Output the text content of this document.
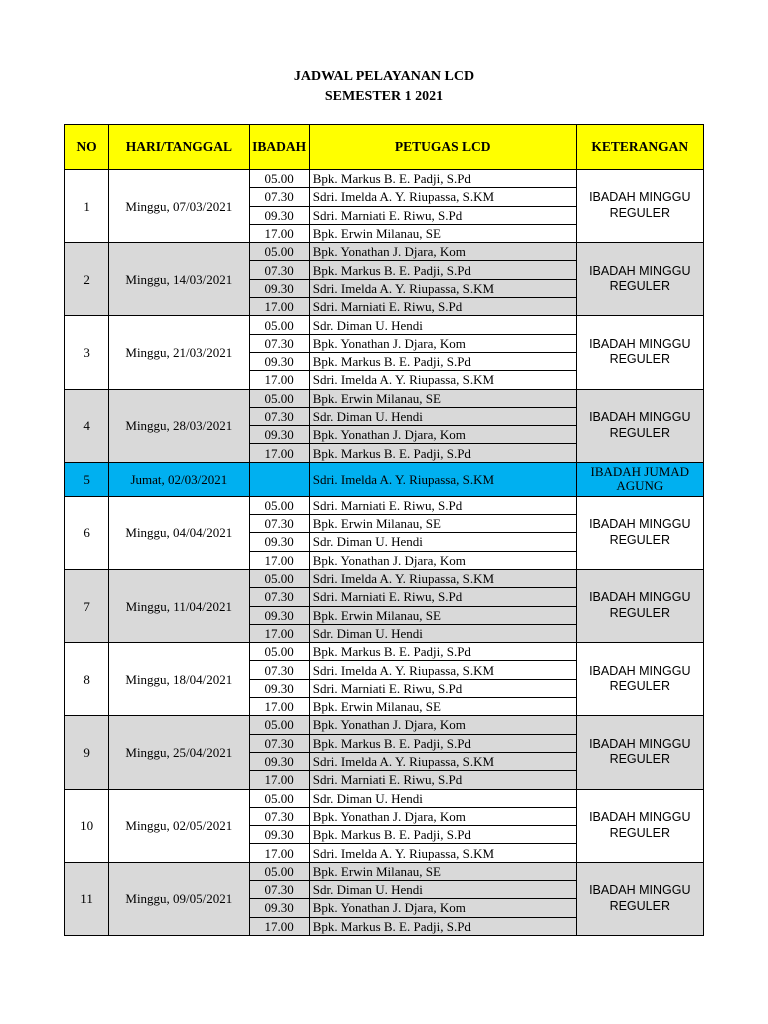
JADWAL PELAYANAN LCD
SEMESTER 1 2021
NO	HARI/TANGGAL	IBADAH	PETUGAS LCD	KETERANGAN
1	Minggu, 07/03/2021	05.00	Bpk. Markus B. E. Padji, S.Pd	IBADAH MINGGU REGULER
		07.30	Sdri. Imelda A. Y. Riupassa, S.KM	
		09.30	Sdri. Marniati E. Riwu, S.Pd	
		17.00	Bpk. Erwin Milanau, SE	
2	Minggu, 14/03/2021	05.00	Bpk. Yonathan J. Djara, Kom	IBADAH MINGGU REGULER
		07.30	Bpk. Markus B. E. Padji, S.Pd	
		09.30	Sdri. Imelda A. Y. Riupassa, S.KM	
		17.00	Sdri. Marniati E. Riwu, S.Pd	
3	Minggu, 21/03/2021	05.00	Sdr. Diman U. Hendi	IBADAH MINGGU REGULER
		07.30	Bpk. Yonathan J. Djara, Kom	
		09.30	Bpk. Markus B. E. Padji, S.Pd	
		17.00	Sdri. Imelda A. Y. Riupassa, S.KM	
4	Minggu, 28/03/2021	05.00	Bpk. Erwin Milanau, SE	IBADAH MINGGU REGULER
		07.30	Sdr. Diman U. Hendi	
		09.30	Bpk. Yonathan J. Djara, Kom	
		17.00	Bpk. Markus B. E. Padji, S.Pd	
5	Jumat, 02/03/2021		Sdri. Imelda A. Y. Riupassa, S.KM	IBADAH JUMAD AGUNG
6	Minggu, 04/04/2021	05.00	Sdri. Marniati E. Riwu, S.Pd	IBADAH MINGGU REGULER
		07.30	Bpk. Erwin Milanau, SE	
		09.30	Sdr. Diman U. Hendi	
		17.00	Bpk. Yonathan J. Djara, Kom	
7	Minggu, 11/04/2021	05.00	Sdri. Imelda A. Y. Riupassa, S.KM	IBADAH MINGGU REGULER
		07.30	Sdri. Marniati E. Riwu, S.Pd	
		09.30	Bpk. Erwin Milanau, SE	
		17.00	Sdr. Diman U. Hendi	
8	Minggu, 18/04/2021	05.00	Bpk. Markus B. E. Padji, S.Pd	IBADAH MINGGU REGULER
		07.30	Sdri. Imelda A. Y. Riupassa, S.KM	
		09.30	Sdri. Marniati E. Riwu, S.Pd	
		17.00	Bpk. Erwin Milanau, SE	
9	Minggu, 25/04/2021	05.00	Bpk. Yonathan J. Djara, Kom	IBADAH MINGGU REGULER
		07.30	Bpk. Markus B. E. Padji, S.Pd	
		09.30	Sdri. Imelda A. Y. Riupassa, S.KM	
		17.00	Sdri. Marniati E. Riwu, S.Pd	
10	Minggu, 02/05/2021	05.00	Sdr. Diman U. Hendi	IBADAH MINGGU REGULER
		07.30	Bpk. Yonathan J. Djara, Kom	
		09.30	Bpk. Markus B. E. Padji, S.Pd	
		17.00	Sdri. Imelda A. Y. Riupassa, S.KM	
11	Minggu, 09/05/2021	05.00	Bpk. Erwin Milanau, SE	IBADAH MINGGU REGULER
		07.30	Sdr. Diman U. Hendi	
		09.30	Bpk. Yonathan J. Djara, Kom	
		17.00	Bpk. Markus B. E. Padji, S.Pd	
